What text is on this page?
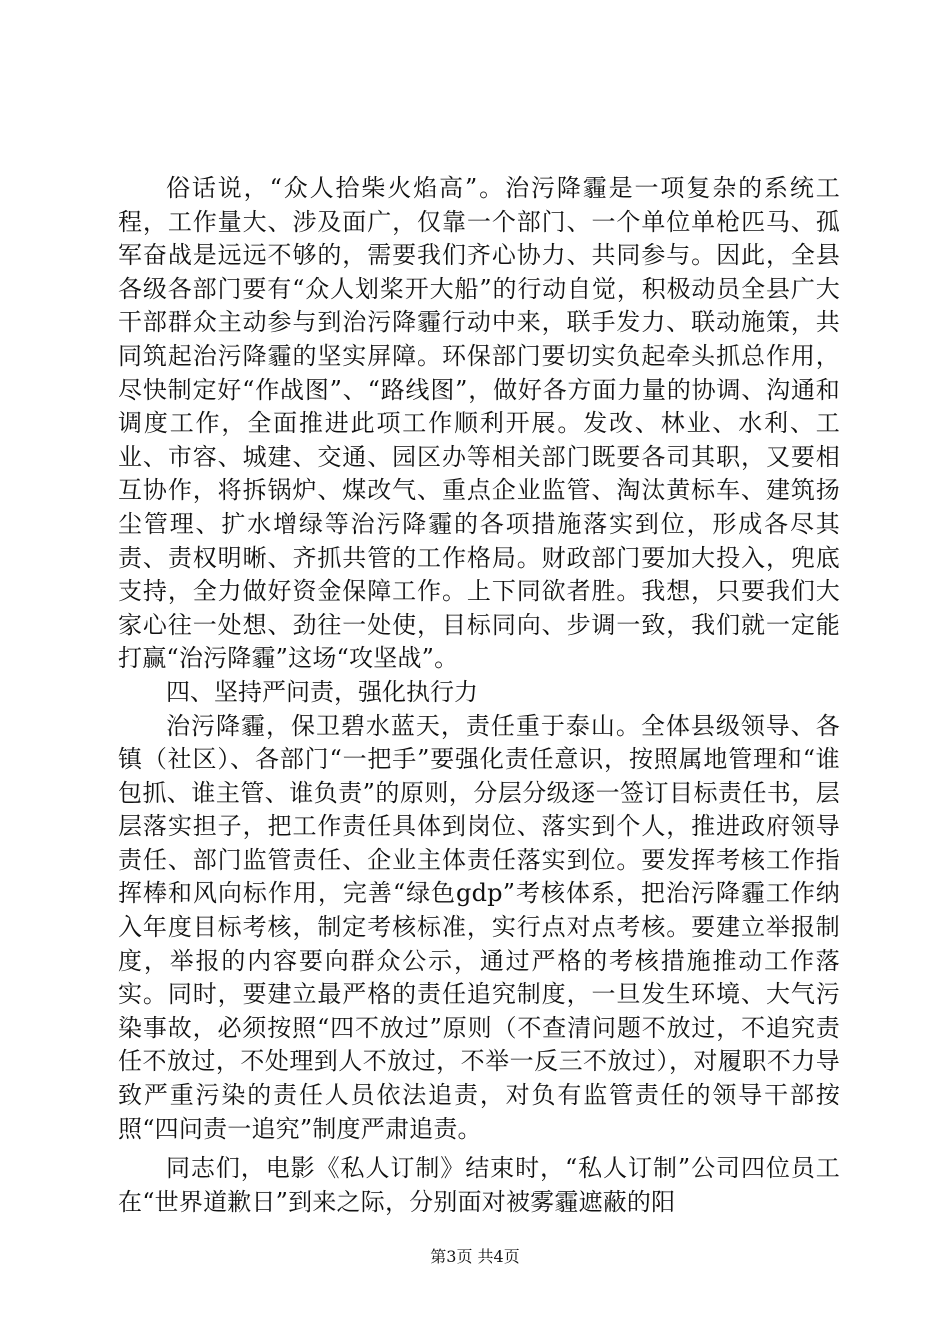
俗话说，“众人拾柴火焰高”。治污降霾是一项复杂的系统工程，工作量大、涉及面广，仅靠一个部门、一个单位单枪匹马、孤军奋战是远远不够的，需要我们齐心协力、共同参与。因此，全县各级各部门要有“众人划桨开大船”的行动自觉，积极动员全县广大干部群众主动参与到治污降霾行动中来，联手发力、联动施策，共同筑起治污降霾的坚实屏障。环保部门要切实负起牵头抓总作用，尽快制定好“作战图”、“路线图”，做好各方面力量的协调、沟通和调度工作，全面推进此项工作顺利开展。发改、林业、水利、工业、市容、城建、交通、园区办等相关部门既要各司其职，又要相互协作，将拆锅炉、煤改气、重点企业监管、淘汰黄标车、建筑扬尘管理、扩水增绿等治污降霾的各项措施落实到位，形成各尽其责、责权明晰、齐抓共管的工作格局。财政部门要加大投入，兜底支持，全力做好资金保障工作。上下同欲者胜。我想，只要我们大家心往一处想、劲往一处使，目标同向、步调一致，我们就一定能打赢“治污降霾”这场“攻坚战”。

四、坚持严问责，强化执行力

治污降霾，保卫碧水蓝天，责任重于泰山。全体县级领导、各镇（社区）、各部门“一把手”要强化责任意识，按照属地管理和“谁包抓、谁主管、谁负责”的原则，分层分级逐一签订目标责任书，层层落实担子，把工作责任具体到岗位、落实到个人，推进政府领导责任、部门监管责任、企业主体责任落实到位。要发挥考核工作指挥棒和风向标作用，完善“绿色gdp”考核体系，把治污降霾工作纳入年度目标考核，制定考核标准，实行点对点考核。要建立举报制度，举报的内容要向群众公示，通过严格的考核措施推动工作落实。同时，要建立最严格的责任追究制度，一旦发生环境、大气污染事故，必须按照“四不放过”原则（不查清问题不放过，不追究责任不放过，不处理到人不放过，不举一反三不放过），对履职不力导致严重污染的责任人员依法追责，对负有监管责任的领导干部按照“四问责一追究”制度严肃追责。

同志们，电影《私人订制》结束时，“私人订制”公司四位员工在“世界道歉日”到来之际，分别面对被雾霾遮蔽的阳

第3页 共4页
